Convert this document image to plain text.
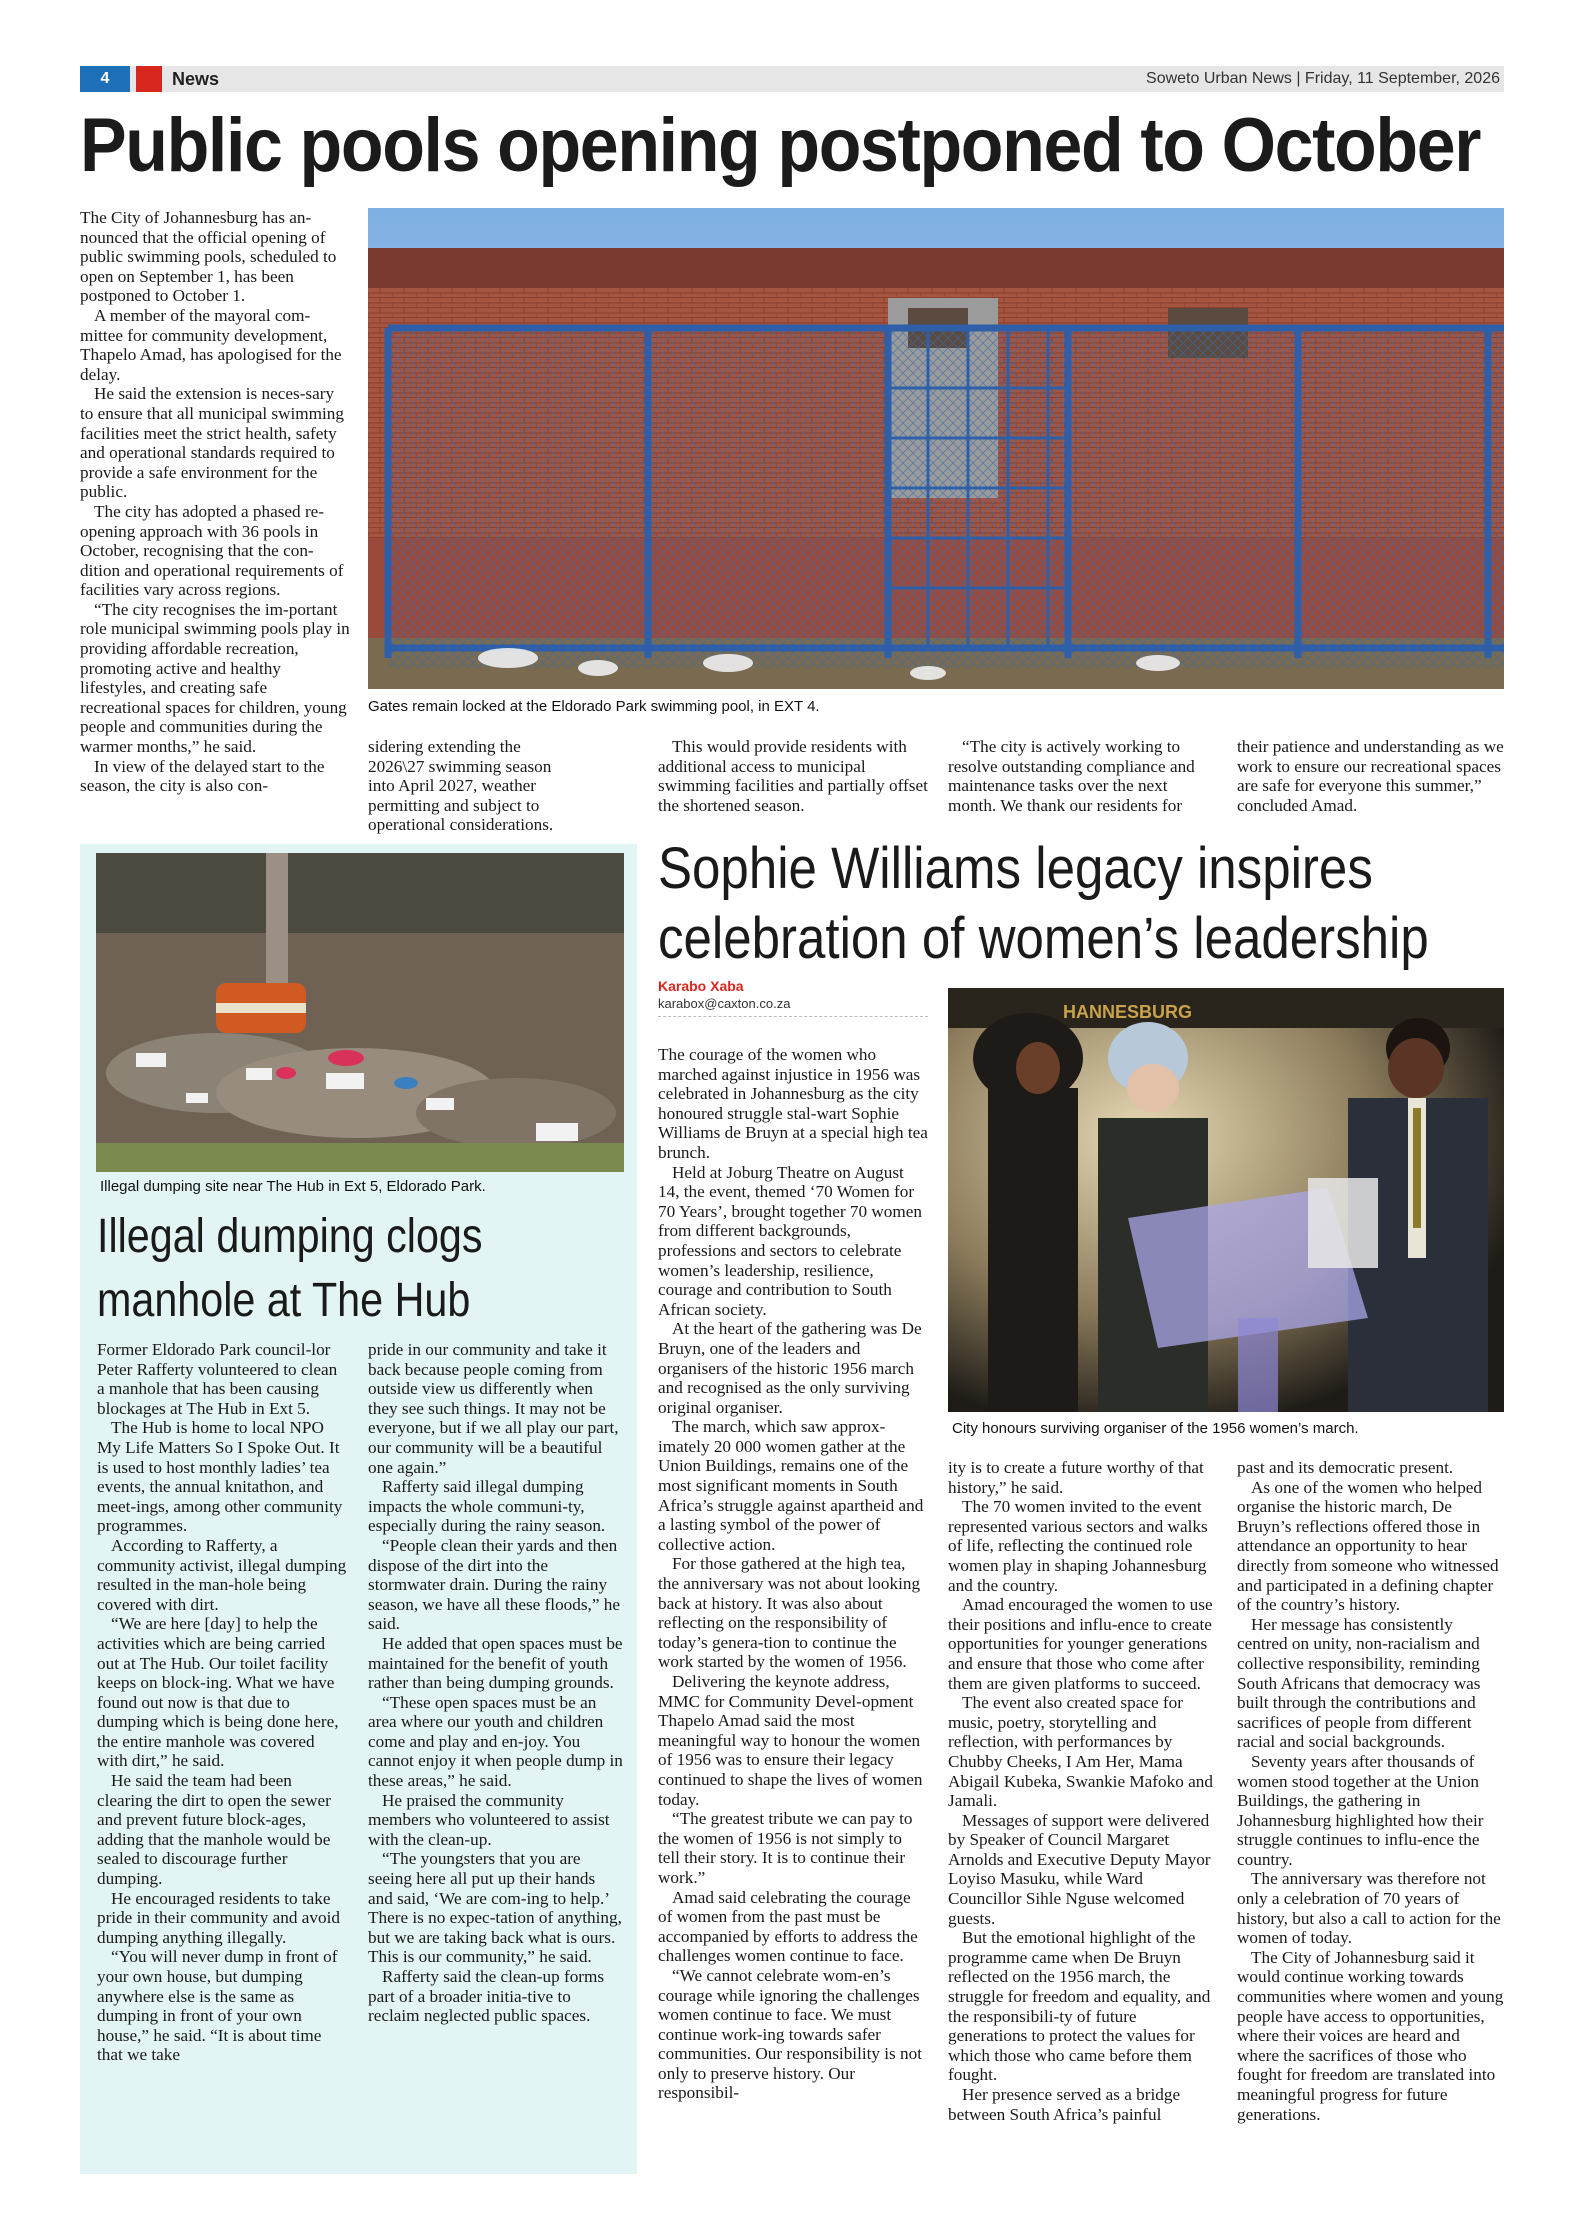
4	News	Soweto Urban News | Friday, 11 September, 2026
Public pools opening postponed to October

The City of Johannesburg has an-nounced that the official opening of public swimming pools, scheduled to open on September 1, has been postponed to October 1.

A member of the mayoral com-mittee for community development, Thapelo Amad, has apologised for the delay.

He said the extension is neces-sary to ensure that all municipal swimming facilities meet the strict health, safety and operational standards required to provide a safe environment for the public.

The city has adopted a phased re-opening approach with 36 pools in October, recognising that the con-dition and operational requirements of facilities vary across regions.

“The city recognises the im-portant role municipal swimming pools play in providing affordable recreation, promoting active and healthy lifestyles, and creating safe recreational spaces for children, young people and communities during the warmer months,” he said.

In view of the delayed start to the season, the city is also con-

Gates remain locked at the Eldorado Park swimming pool, in EXT 4.

sidering extending the 2026\27 swimming season into April 2027, weather permitting and subject to operational considerations.

This would provide residents with additional access to municipal swimming facilities and partially offset the shortened season.

“The city is actively working to resolve outstanding compliance and maintenance tasks over the next month. We thank our residents for

their patience and understanding as we work to ensure our recreational spaces are safe for everyone this summer,” concluded Amad.

Illegal dumping site near The Hub in Ext 5, Eldorado Park.
Illegal dumping clogs manhole at The Hub

Former Eldorado Park council-lor Peter Rafferty volunteered to clean a manhole that has been causing blockages at The Hub in Ext 5.

The Hub is home to local NPO My Life Matters So I Spoke Out. It is used to host monthly ladies’ tea events, the annual knitathon, and meet-ings, among other community programmes.

According to Rafferty, a community activist, illegal dumping resulted in the man-hole being covered with dirt.

“We are here [day] to help the activities which are being carried out at The Hub. Our toilet facility keeps on block-ing. What we have found out now is that due to dumping which is being done here, the entire manhole was covered with dirt,” he said.

He said the team had been clearing the dirt to open the sewer and prevent future block-ages, adding that the manhole would be sealed to discourage further dumping.

He encouraged residents to take pride in their community and avoid dumping anything illegally.

“You will never dump in front of your own house, but dumping anywhere else is the same as dumping in front of your own house,” he said. “It is about time that we take

pride in our community and take it back because people coming from outside view us differently when they see such things. It may not be everyone, but if we all play our part, our community will be a beautiful one again.”

Rafferty said illegal dumping impacts the whole communi-ty, especially during the rainy season.

“People clean their yards and then dispose of the dirt into the stormwater drain. During the rainy season, we have all these floods,” he said.

He added that open spaces must be maintained for the benefit of youth rather than being dumping grounds.

“These open spaces must be an area where our youth and children come and play and en-joy. You cannot enjoy it when people dump in these areas,” he said.

He praised the community members who volunteered to assist with the clean-up.

“The youngsters that you are seeing here all put up their hands and said, ‘We are com-ing to help.’ There is no expec-tation of anything, but we are taking back what is ours. This is our community,” he said.

Rafferty said the clean-up forms part of a broader initia-tive to reclaim neglected public spaces.

Sophie Williams legacy inspires celebration of women’s leadership
Karabo Xaba
karabox@caxton.co.za	HANNESBURG
City honours surviving organiser of the 1956 women’s march.

The courage of the women who marched against injustice in 1956 was celebrated in Johannesburg as the city honoured struggle stal-wart Sophie Williams de Bruyn at a special high tea brunch.

Held at Joburg Theatre on August 14, the event, themed ‘70 Women for 70 Years’, brought together 70 women from different backgrounds, professions and sectors to celebrate women’s leadership, resilience, courage and contribution to South African society.

At the heart of the gathering was De Bruyn, one of the leaders and organisers of the historic 1956 march and recognised as the only surviving original organiser.

The march, which saw approx-imately 20 000 women gather at the Union Buildings, remains one of the most significant moments in South Africa’s struggle against apartheid and a lasting symbol of the power of collective action.

For those gathered at the high tea, the anniversary was not about looking back at history. It was also about reflecting on the responsibility of today’s genera-tion to continue the work started by the women of 1956.

Delivering the keynote address, MMC for Community Devel-opment Thapelo Amad said the most meaningful way to honour the women of 1956 was to ensure their legacy continued to shape the lives of women today.

“The greatest tribute we can pay to the women of 1956 is not simply to tell their story. It is to continue their work.”

Amad said celebrating the courage of women from the past must be accompanied by efforts to address the challenges women continue to face.

“We cannot celebrate wom-en’s courage while ignoring the challenges women continue to face. We must continue work-ing towards safer communities. Our responsibility is not only to preserve history. Our responsibil-

ity is to create a future worthy of that history,” he said.

The 70 women invited to the event represented various sectors and walks of life, reflecting the continued role women play in shaping Johannesburg and the country.

Amad encouraged the women to use their positions and influ-ence to create opportunities for younger generations and ensure that those who come after them are given platforms to succeed.

The event also created space for music, poetry, storytelling and reflection, with performances by Chubby Cheeks, I Am Her, Mama Abigail Kubeka, Swankie Mafoko and Jamali.

Messages of support were delivered by Speaker of Council Margaret Arnolds and Executive Deputy Mayor Loyiso Masuku, while Ward Councillor Sihle Nguse welcomed guests.

But the emotional highlight of the programme came when De Bruyn reflected on the 1956 march, the struggle for freedom and equality, and the responsibili-ty of future generations to protect the values for which those who came before them fought.

Her presence served as a bridge between South Africa’s painful

past and its democratic present.

As one of the women who helped organise the historic march, De Bruyn’s reflections offered those in attendance an opportunity to hear directly from someone who witnessed and participated in a defining chapter of the country’s history.

Her message has consistently centred on unity, non-racialism and collective responsibility, reminding South Africans that democracy was built through the contributions and sacrifices of people from different racial and social backgrounds.

Seventy years after thousands of women stood together at the Union Buildings, the gathering in Johannesburg highlighted how their struggle continues to influ-ence the country.

The anniversary was therefore not only a celebration of 70 years of history, but also a call to action for the women of today.

The City of Johannesburg said it would continue working towards communities where women and young people have access to opportunities, where their voices are heard and where the sacrifices of those who fought for freedom are translated into meaningful progress for future generations.
